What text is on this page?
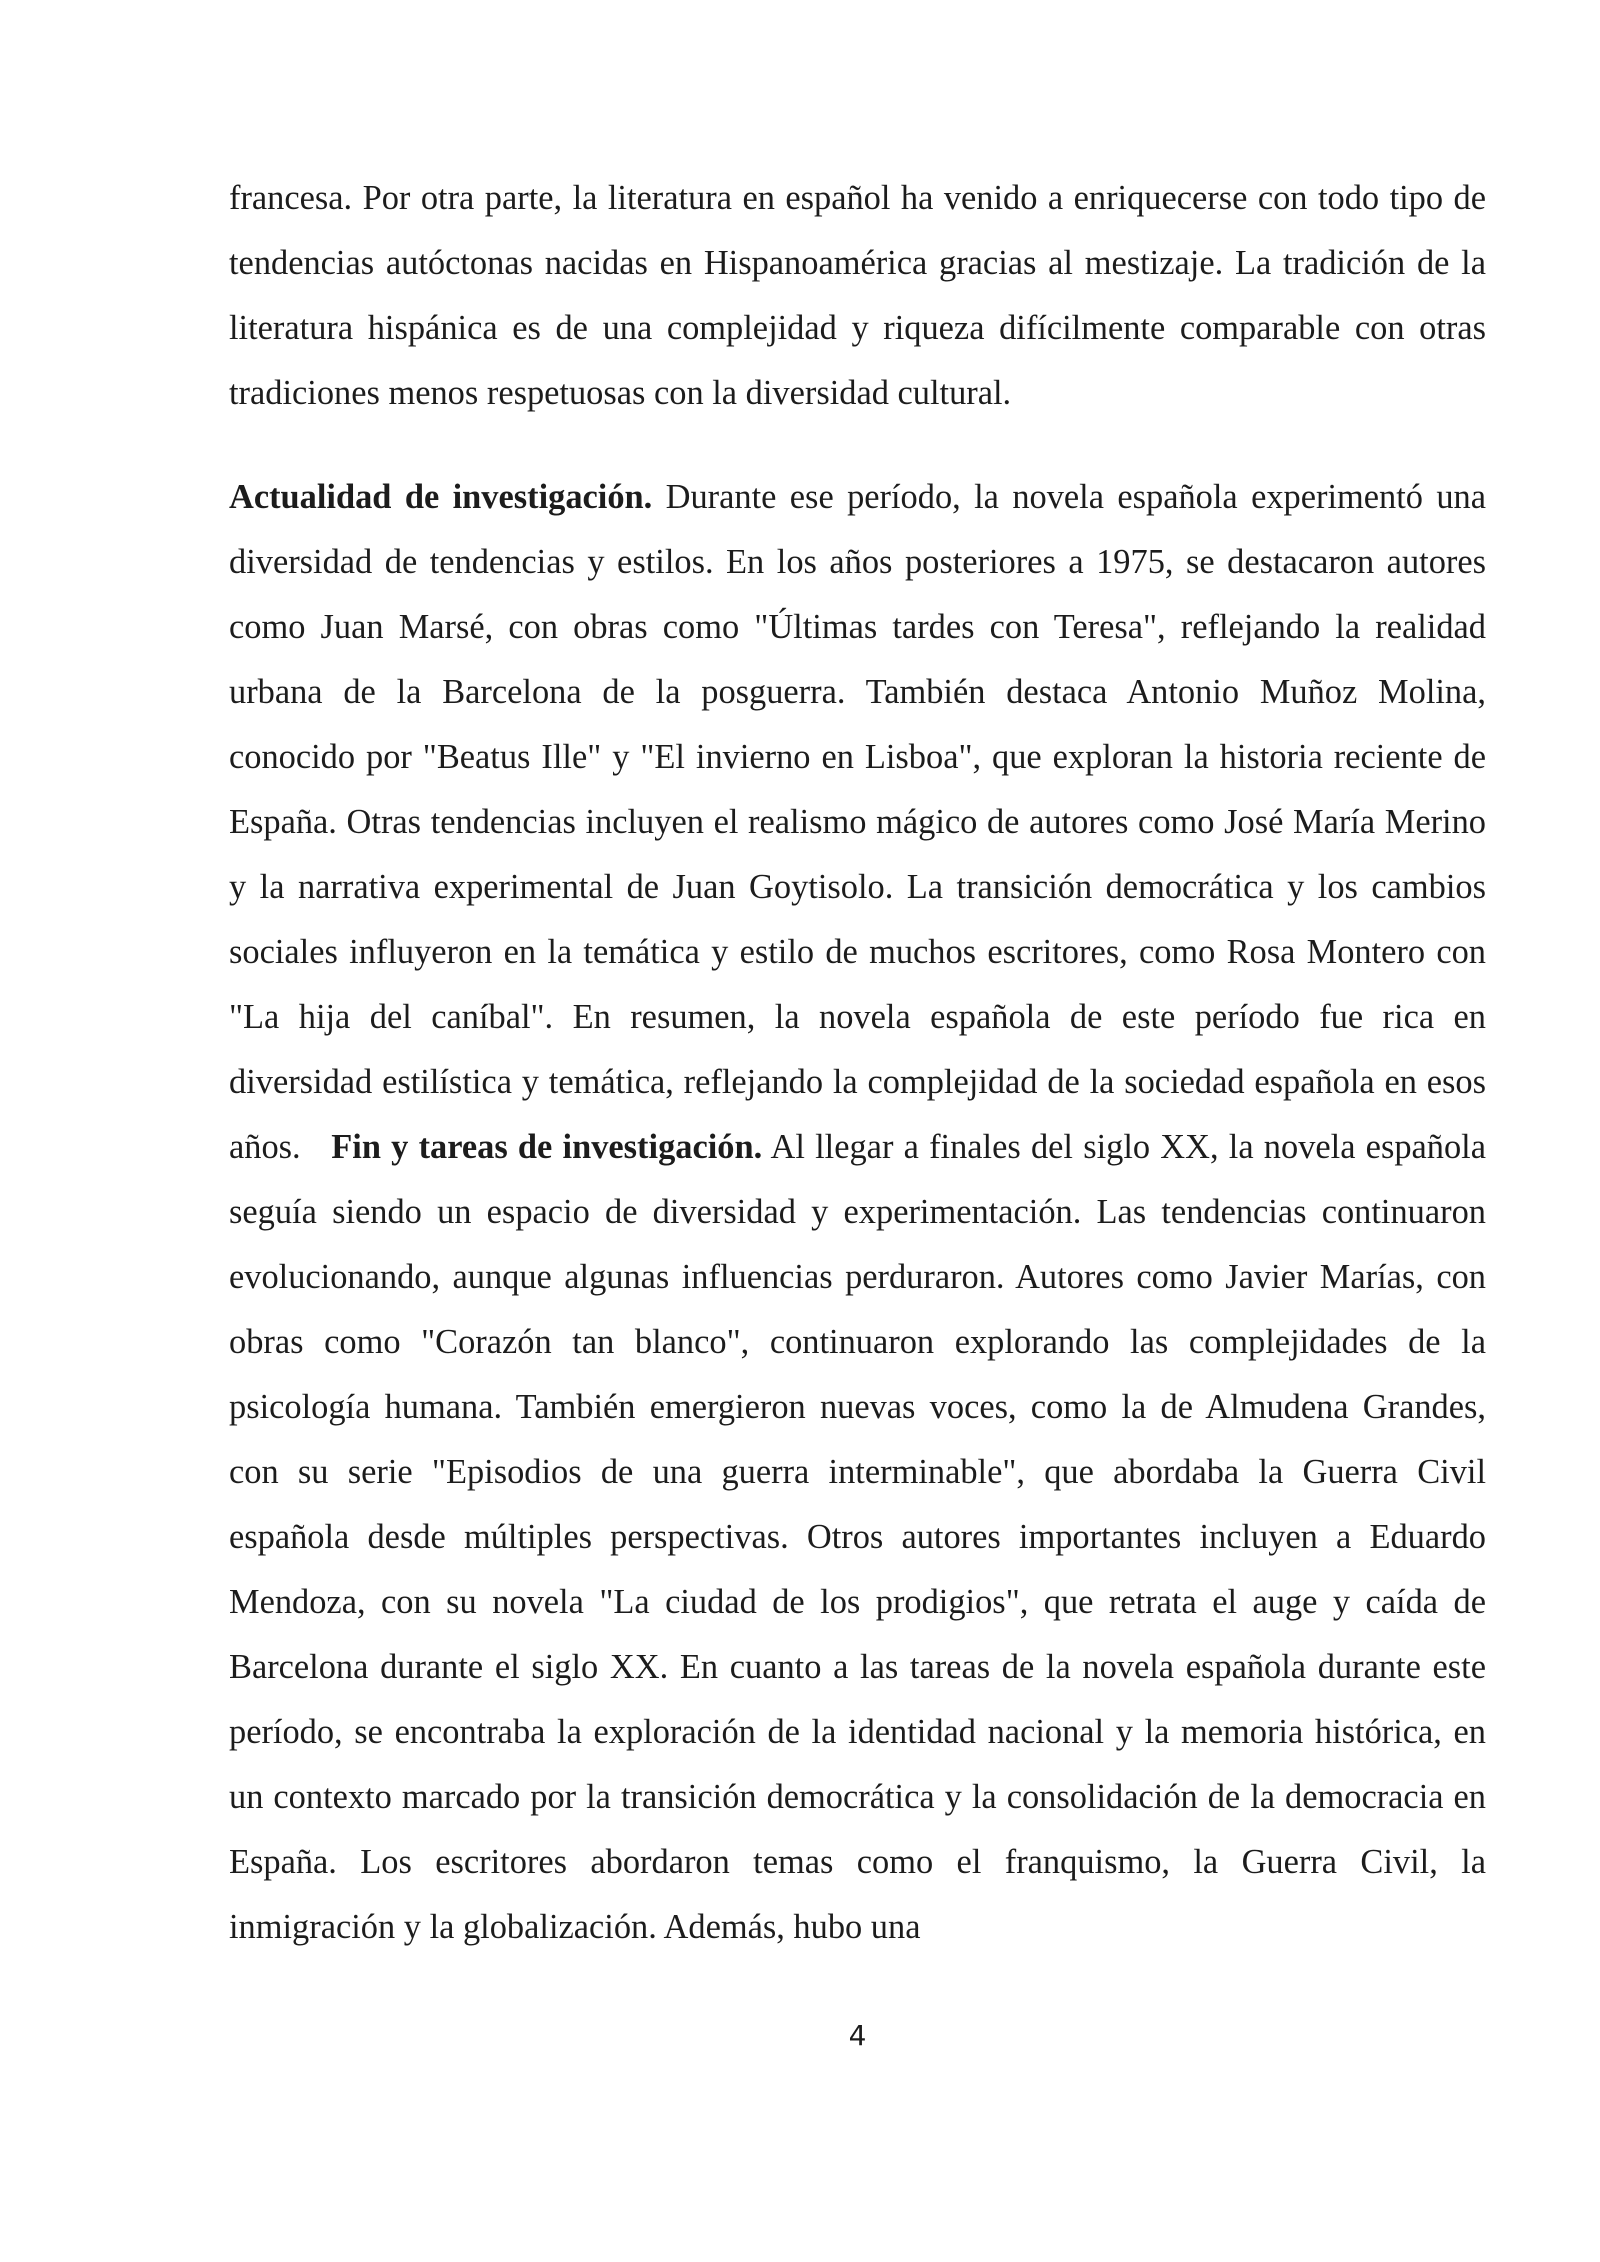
francesa. Por otra parte, la literatura en español ha venido a enriquecerse con todo tipo de tendencias autóctonas nacidas en Hispanoamérica gracias al mestizaje. La tradición de la literatura hispánica es de una complejidad y riqueza difícilmente comparable con otras tradiciones menos respetuosas con la diversidad cultural.

Actualidad de investigación. Durante ese período, la novela española experimentó una diversidad de tendencias y estilos. En los años posteriores a 1975, se destacaron autores como Juan Marsé, con obras como "Últimas tardes con Teresa", reflejando la realidad urbana de la Barcelona de la posguerra. También destaca Antonio Muñoz Molina, conocido por "Beatus Ille" y "El invierno en Lisboa", que exploran la historia reciente de España. Otras tendencias incluyen el realismo mágico de autores como José María Merino y la narrativa experimental de Juan Goytisolo. La transición democrática y los cambios sociales influyeron en la temática y estilo de muchos escritores, como Rosa Montero con "La hija del caníbal". En resumen, la novela española de este período fue rica en diversidad estilística y temática, reflejando la complejidad de la sociedad española en esos años.   Fin y tareas de investigación. Al llegar a finales del siglo XX, la novela española seguía siendo un espacio de diversidad y experimentación. Las tendencias continuaron evolucionando, aunque algunas influencias perduraron. Autores como Javier Marías, con obras como "Corazón tan blanco", continuaron explorando las complejidades de la psicología humana. También emergieron nuevas voces, como la de Almudena Grandes, con su serie "Episodios de una guerra interminable", que abordaba la Guerra Civil española desde múltiples perspectivas. Otros autores importantes incluyen a Eduardo Mendoza, con su novela "La ciudad de los prodigios", que retrata el auge y caída de Barcelona durante el siglo XX. En cuanto a las tareas de la novela española durante este período, se encontraba la exploración de la identidad nacional y la memoria histórica, en un contexto marcado por la transición democrática y la consolidación de la democracia en España. Los escritores abordaron temas como el franquismo, la Guerra Civil, la inmigración y la globalización. Además, hubo una

4
